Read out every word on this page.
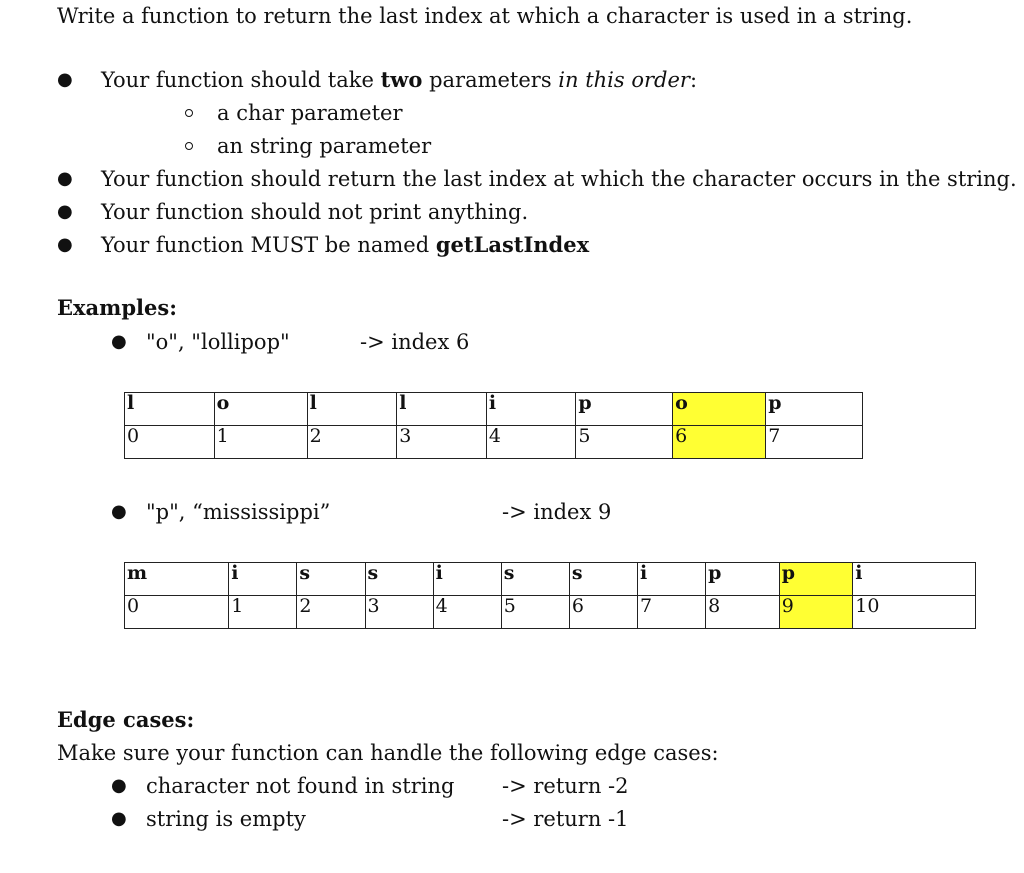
Write a function to return the last index at which a character is used in a string.
● Your function should take two parameters in this order:
a char parameter
an string parameter
● Your function should return the last index at which the character occurs in the string.
● Your function should not print anything.
● Your function MUST be named getLastIndex
Examples:
● "o", "lollipop"	-> index 6
l	o	l	l	i	p	o	p
0	1	2	3	4	5	6	7
● "p", “mississippi”	-> index 9
m	i	s	s	i	s	s	i	p	p	i
0	1	2	3	4	5	6	7	8	9	10
Edge cases:
Make sure your function can handle the following edge cases:
● character not found in string -> return -2
● string is empty	-> return -1
